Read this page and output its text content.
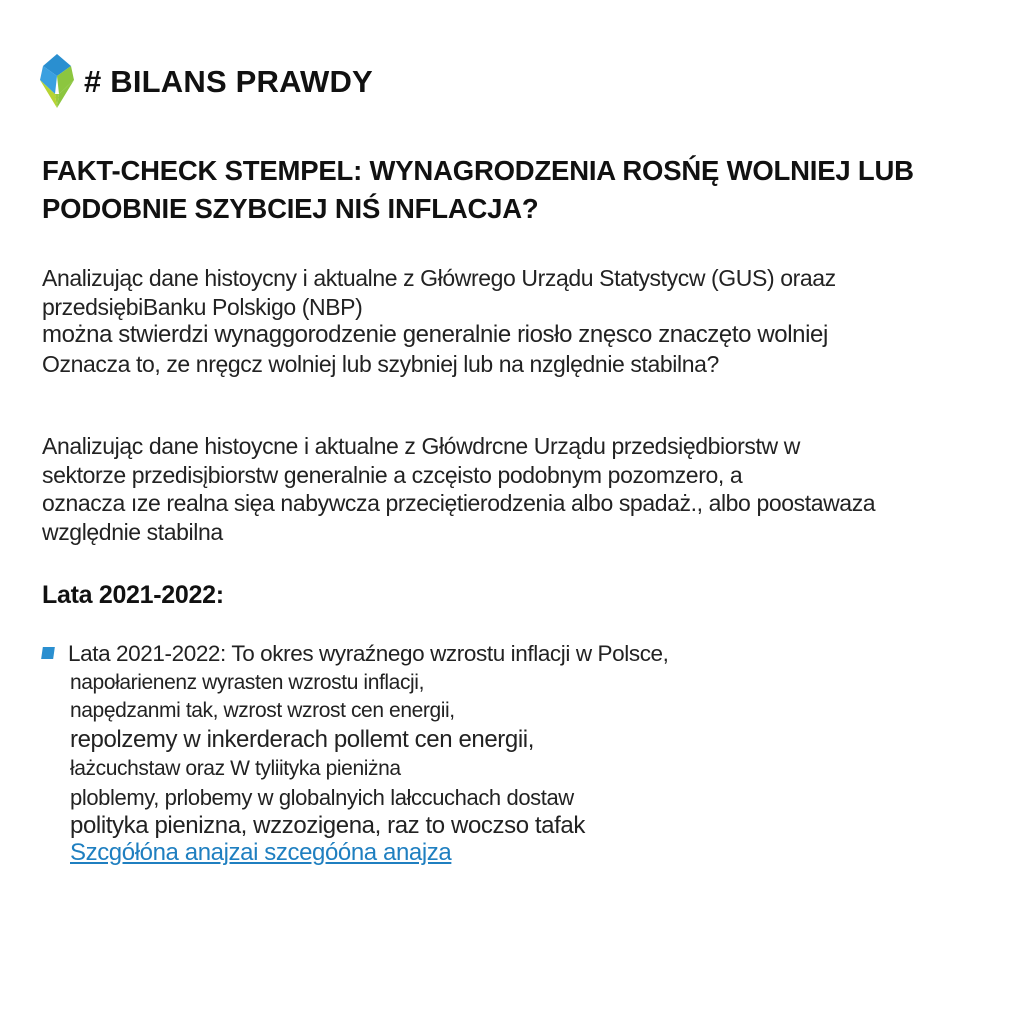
# BILANS PRAWDY
FAKT-CHECK STEMPEL: WYNAGRODZENIA ROSŃĘ WOLNIEJ LUB
PODOBNIE SZYBCIEJ NIŚ INFLACJA?

Analizując dane histoycny i aktualne z Główrego Urządu Statystycw (GUS) oraaz
przedsiębiBanku Polskigo (NBP)
można stwierdzi wynaggorodzenie generalnie riosło znęsco znaczęto wolniej
Oznacza to, ze nręgcz wolniej lub szybniej lub na nzględnie stabilna?

Analizując dane histoycne i aktualne z Główdrcne Urządu przedsiędbiorstw w
sektorze przedisįbiorstw generalnie a czcęisto podobnym pozomzero, a
oznacza ıze realna sięa nabywcza przeciętierodzenia albo spadaż., albo poostawaza
względnie stabilna

Lata 2021-2022:
Lata 2021-2022: To okres wyraźnego wzrostu inflacji w Polsce,
napołarienenz wyrasten wzrostu inflacji,
napędzanmi tak, wzrost wzrost cen energii,
repolzemy w inkerderach pollemt cen energii,
łażcuchstaw oraz W tyliityka pieniżna
ploblemy, prlobemy w globalnyich lałccuchach dostaw
polityka pienizna, wzzozigena, raz to woczso tafak
Szcgółóna anajzai szcegóóna anajza
